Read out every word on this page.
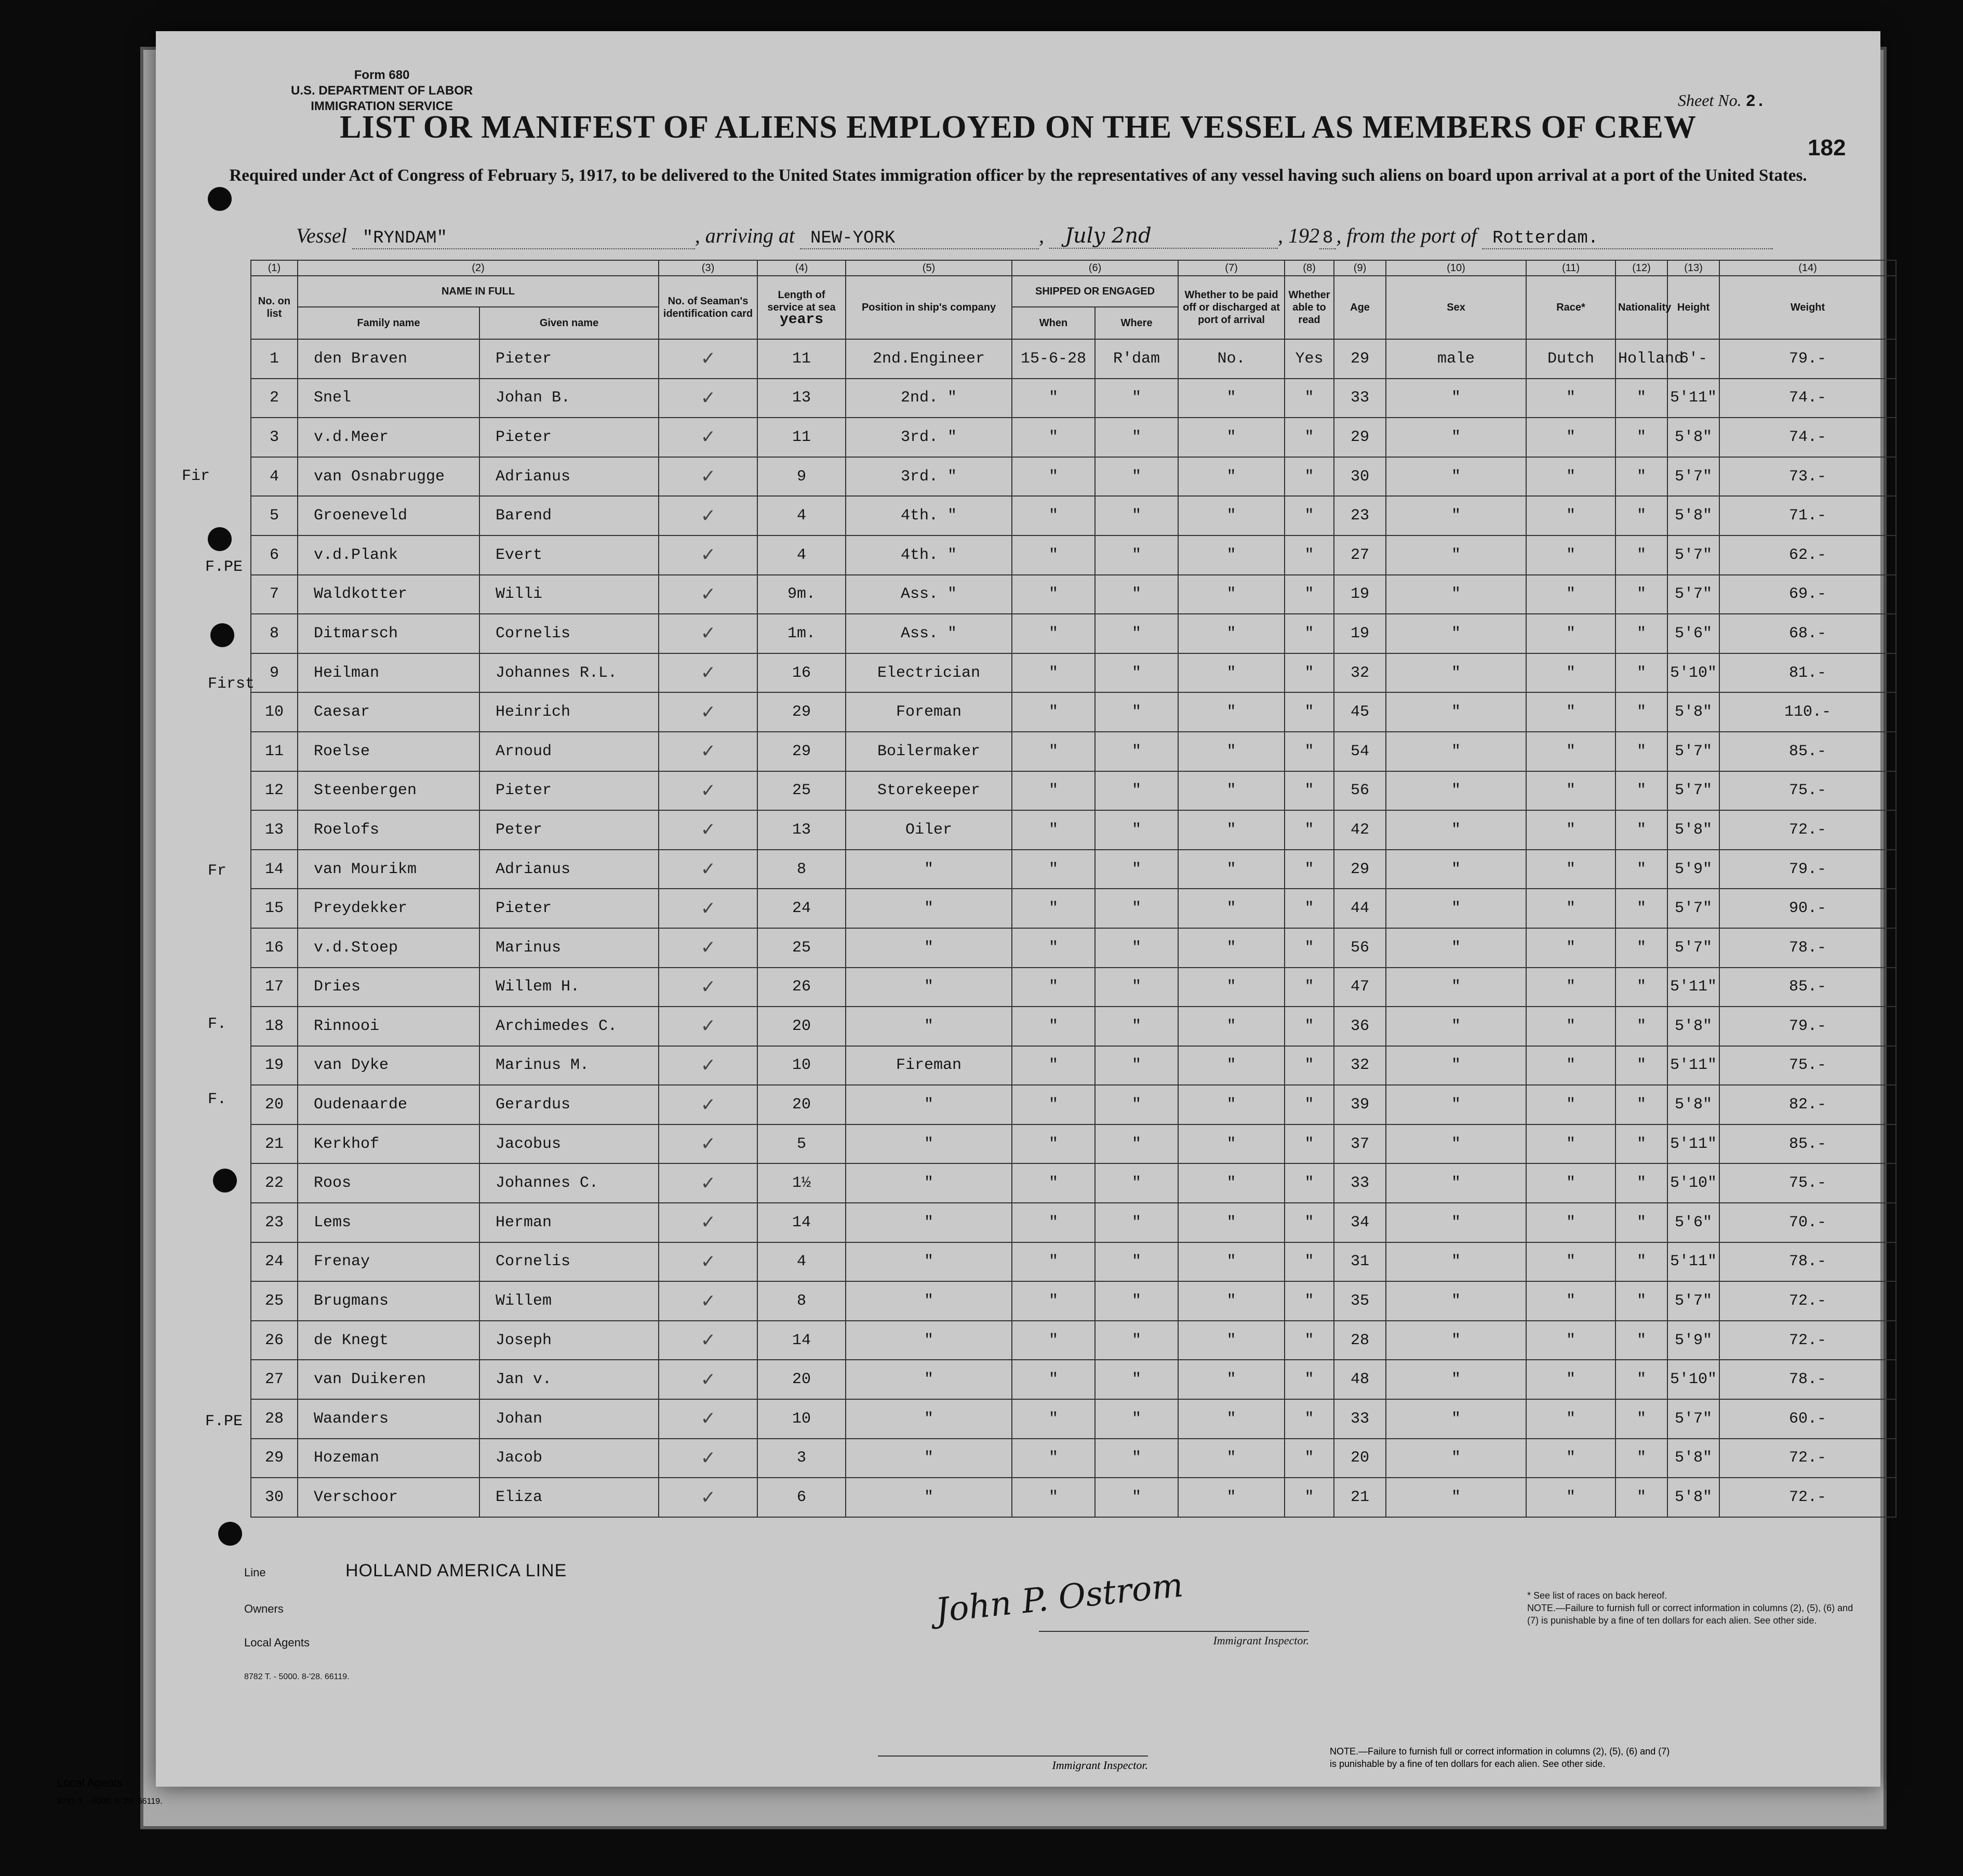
Form 680
U.S. DEPARTMENT OF LABOR
IMMIGRATION SERVICE	Sheet No. 2.
182
LIST OR MANIFEST OF ALIENS EMPLOYED ON THE VESSEL AS MEMBERS OF CREW
Required under Act of Congress of February 5, 1917, to be delivered to the United States immigration officer by the representatives of any vessel having such aliens on board upon arrival at a port of the United States.
Vessel "RYNDAM"	, arriving at NEW-YORK	, July 2nd	, 192 8 , from the port of Rotterdam.
(1)	(2)		(3)	(4)	(5)	(6)		(7)	(8)	(9)	(10)	(11)	(12)	(13)	(14)	
No. on list	NAME IN FULL		No. of Seaman's identification card	Length of service at sea
years	Position in ship's company	SHIPPED OR ENGAGED		Whether to be paid off or discharged at port of arrival	Whether able to read	Age	Sex	Race*	Nationality	Height	Weight	
	Family name	Given name				When	Where									
1	den Braven	Pieter	✓	11	2nd.Engineer	15-6-28	R'dam	No.	Yes	29	male	Dutch	Holland	6'-	79.-	
2	Snel	Johan B.	✓	13	2nd. "	"	"	"	"	33	"	"	"	5'11"	74.-	
3	v.d.Meer	Pieter	✓	11	3rd. "	"	"	"	"	29	"	"	"	5'8"	74.-	
4	van Osnabrugge	Adrianus	✓	9	3rd. "	"	"	"	"	30	"	"	"	5'7"	73.-	
5	Groeneveld	Barend	✓	4	4th. "	"	"	"	"	23	"	"	"	5'8"	71.-	
6	v.d.Plank	Evert	✓	4	4th. "	"	"	"	"	27	"	"	"	5'7"	62.-	
7	Waldkotter	Willi	✓	9m.	Ass. "	"	"	"	"	19	"	"	"	5'7"	69.-	
8	Ditmarsch	Cornelis	✓	1m.	Ass. "	"	"	"	"	19	"	"	"	5'6"	68.-	
9	Heilman	Johannes R.L.	✓	16	Electrician	"	"	"	"	32	"	"	"	5'10"	81.-	
10	Caesar	Heinrich	✓	29	Foreman	"	"	"	"	45	"	"	"	5'8"	110.-	
11	Roelse	Arnoud	✓	29	Boilermaker	"	"	"	"	54	"	"	"	5'7"	85.-	
12	Steenbergen	Pieter	✓	25	Storekeeper	"	"	"	"	56	"	"	"	5'7"	75.-	
13	Roelofs	Peter	✓	13	Oiler	"	"	"	"	42	"	"	"	5'8"	72.-	
14	van Mourikm	Adrianus	✓	8	"	"	"	"	"	29	"	"	"	5'9"	79.-	
15	Preydekker	Pieter	✓	24	"	"	"	"	"	44	"	"	"	5'7"	90.-	
16	v.d.Stoep	Marinus	✓	25	"	"	"	"	"	56	"	"	"	5'7"	78.-	
17	Dries	Willem H.	✓	26	"	"	"	"	"	47	"	"	"	5'11"	85.-	
18	Rinnooi	Archimedes C.	✓	20	"	"	"	"	"	36	"	"	"	5'8"	79.-	
19	van Dyke	Marinus M.	✓	10	Fireman	"	"	"	"	32	"	"	"	5'11"	75.-	
20	Oudenaarde	Gerardus	✓	20	"	"	"	"	"	39	"	"	"	5'8"	82.-	
21	Kerkhof	Jacobus	✓	5	"	"	"	"	"	37	"	"	"	5'11"	85.-	
22	Roos	Johannes C.	✓	1½	"	"	"	"	"	33	"	"	"	5'10"	75.-	
23	Lems	Herman	✓	14	"	"	"	"	"	34	"	"	"	5'6"	70.-	
24	Frenay	Cornelis	✓	4	"	"	"	"	"	31	"	"	"	5'11"	78.-	
25	Brugmans	Willem	✓	8	"	"	"	"	"	35	"	"	"	5'7"	72.-	
26	de Knegt	Joseph	✓	14	"	"	"	"	"	28	"	"	"	5'9"	72.-	
27	van Duikeren	Jan v.	✓	20	"	"	"	"	"	48	"	"	"	5'10"	78.-	
28	Waanders	Johan	✓	10	"	"	"	"	"	33	"	"	"	5'7"	60.-	
29	Hozeman	Jacob	✓	3	"	"	"	"	"	20	"	"	"	5'8"	72.-	
30	Verschoor	Eliza	✓	6	"	"	"	"	"	21	"	"	"	5'8"	72.-	
Line	HOLLAND AMERICA LINE
Owners
Local Agents
8782 T. - 5000. 8-'28. 66119.
John P. Ostrom
Immigrant Inspector.
* See list of races on back hereof.
NOTE.—Failure to furnish full or correct information in columns (2), (5), (6) and (7) is punishable by a fine of ten dollars for each alien. See other side.
Fir
F.PE
First
Fr
F.
F.
F.PE
Local Agents
8782 T. - 5000. 8-'28. 66119.
Immigrant Inspector.
NOTE.—Failure to furnish full or correct information in columns (2), (5), (6) and (7) is punishable by a fine of ten dollars for each alien. See other side.
